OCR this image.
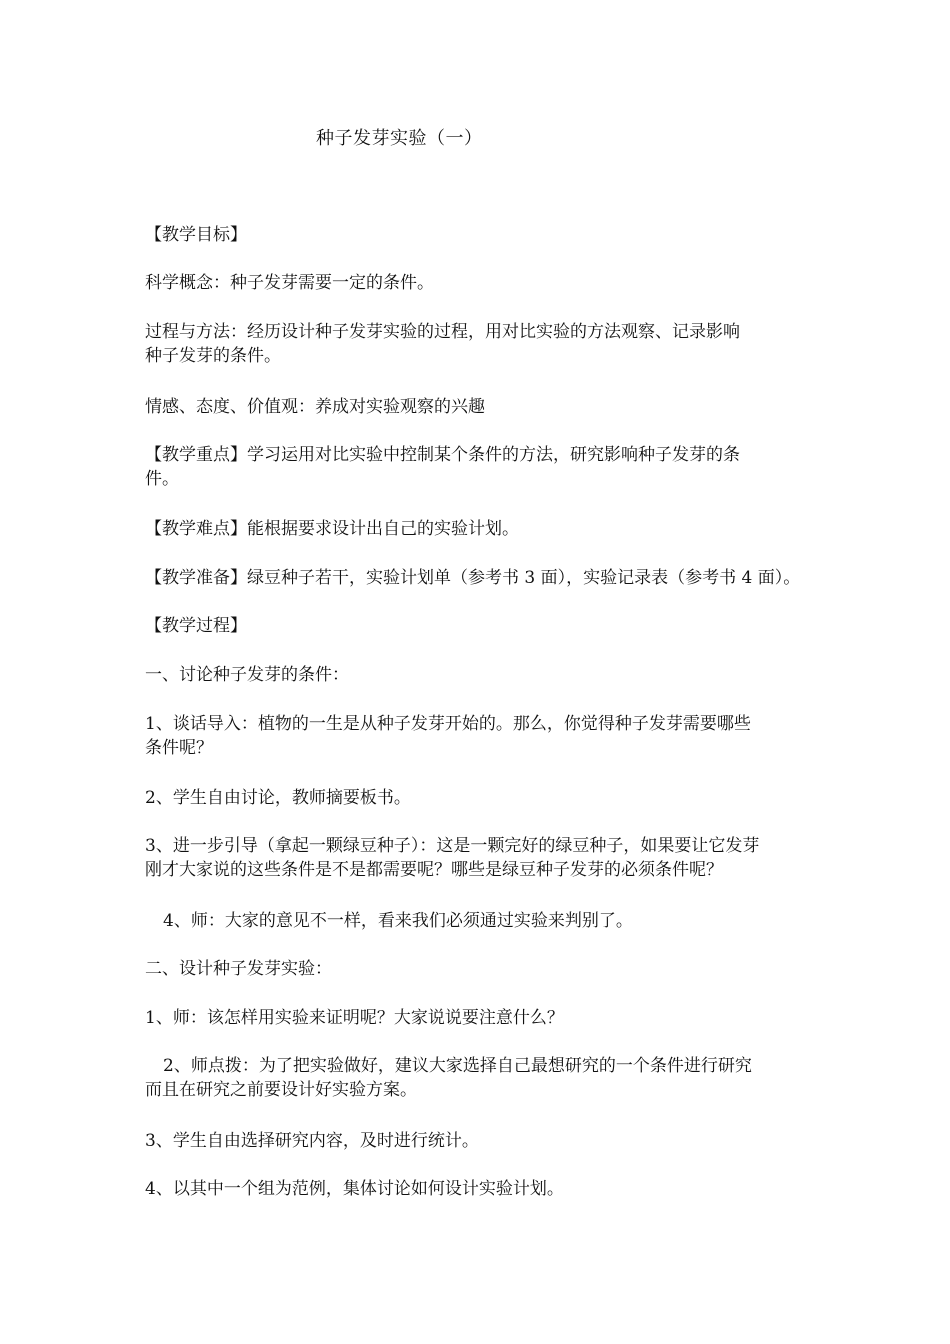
种子发芽实验（一）
【教学目标】
科学概念：种子发芽需要一定的条件。
过程与方法：经历设计种子发芽实验的过程，用对比实验的方法观察、记录影响
种子发芽的条件。
情感、态度、价值观：养成对实验观察的兴趣
【教学重点】学习运用对比实验中控制某个条件的方法，研究影响种子发芽的条
件。
【教学难点】能根据要求设计出自己的实验计划。
【教学准备】绿豆种子若干，实验计划单（参考书 3 面），实验记录表（参考书 4 面）。
【教学过程】
一、讨论种子发芽的条件：
1、谈话导入：植物的一生是从种子发芽开始的。那么，你觉得种子发芽需要哪些
条件呢？
2、学生自由讨论，教师摘要板书。
3、进一步引导（拿起一颗绿豆种子）：这是一颗完好的绿豆种子，如果要让它发芽
刚才大家说的这些条件是不是都需要呢？哪些是绿豆种子发芽的必须条件呢？
4、师：大家的意见不一样，看来我们必须通过实验来判别了。
二、设计种子发芽实验：
1、师：该怎样用实验来证明呢？大家说说要注意什么？
2、师点拨：为了把实验做好，建议大家选择自己最想研究的一个条件进行研究
而且在研究之前要设计好实验方案。
3、学生自由选择研究内容，及时进行统计。
4、以其中一个组为范例，集体讨论如何设计实验计划。
